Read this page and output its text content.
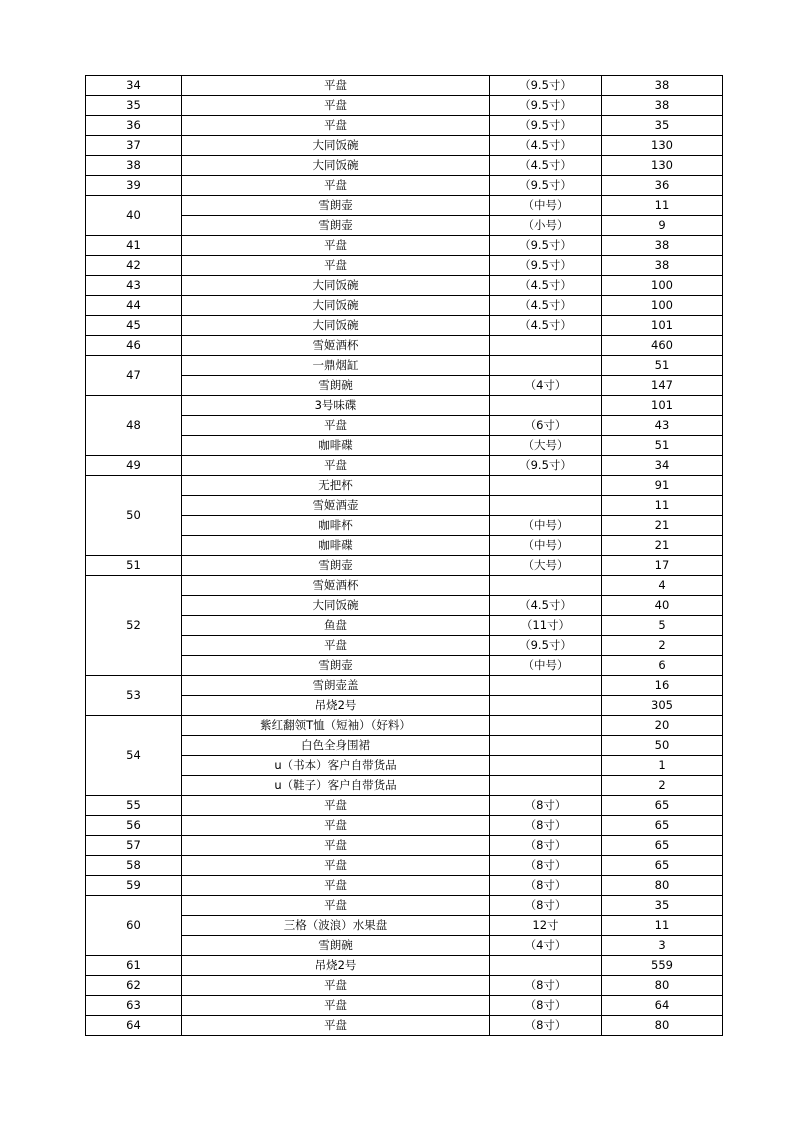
34	平盘	（9.5寸）	38
35	平盘	（9.5寸）	38
36	平盘	（9.5寸）	35
37	大同饭碗	（4.5寸）	130
38	大同饭碗	（4.5寸）	130
39	平盘	（9.5寸）	36
40	雪朗壶	（中号）	11
	雪朗壶	（小号）	9
41	平盘	（9.5寸）	38
42	平盘	（9.5寸）	38
43	大同饭碗	（4.5寸）	100
44	大同饭碗	（4.5寸）	100
45	大同饭碗	（4.5寸）	101
46	雪姬酒杯		460
47	一鼎烟缸		51
	雪朗碗	（4寸）	147
48	3号味碟		101
	平盘	（6寸）	43
	咖啡碟	（大号）	51
49	平盘	（9.5寸）	34
50	无把杯		91
	雪姬酒壶		11
	咖啡杯	（中号）	21
	咖啡碟	（中号）	21
51	雪朗壶	（大号）	17
52	雪姬酒杯		4
	大同饭碗	（4.5寸）	40
	鱼盘	（11寸）	5
	平盘	（9.5寸）	2
	雪朗壶	（中号）	6
53	雪朗壶盖		16
	吊烧2号		305
54	紫红翻领T恤（短袖）（好料）		20
	白色全身围裙		50
	u（书本）客户自带货品		1
	u（鞋子）客户自带货品		2
55	平盘	（8寸）	65
56	平盘	（8寸）	65
57	平盘	（8寸）	65
58	平盘	（8寸）	65
59	平盘	（8寸）	80
60	平盘	（8寸）	35
	三格（波浪）水果盘	12寸	11
	雪朗碗	（4寸）	3
61	吊烧2号		559
62	平盘	（8寸）	80
63	平盘	（8寸）	64
64	平盘	（8寸）	80
